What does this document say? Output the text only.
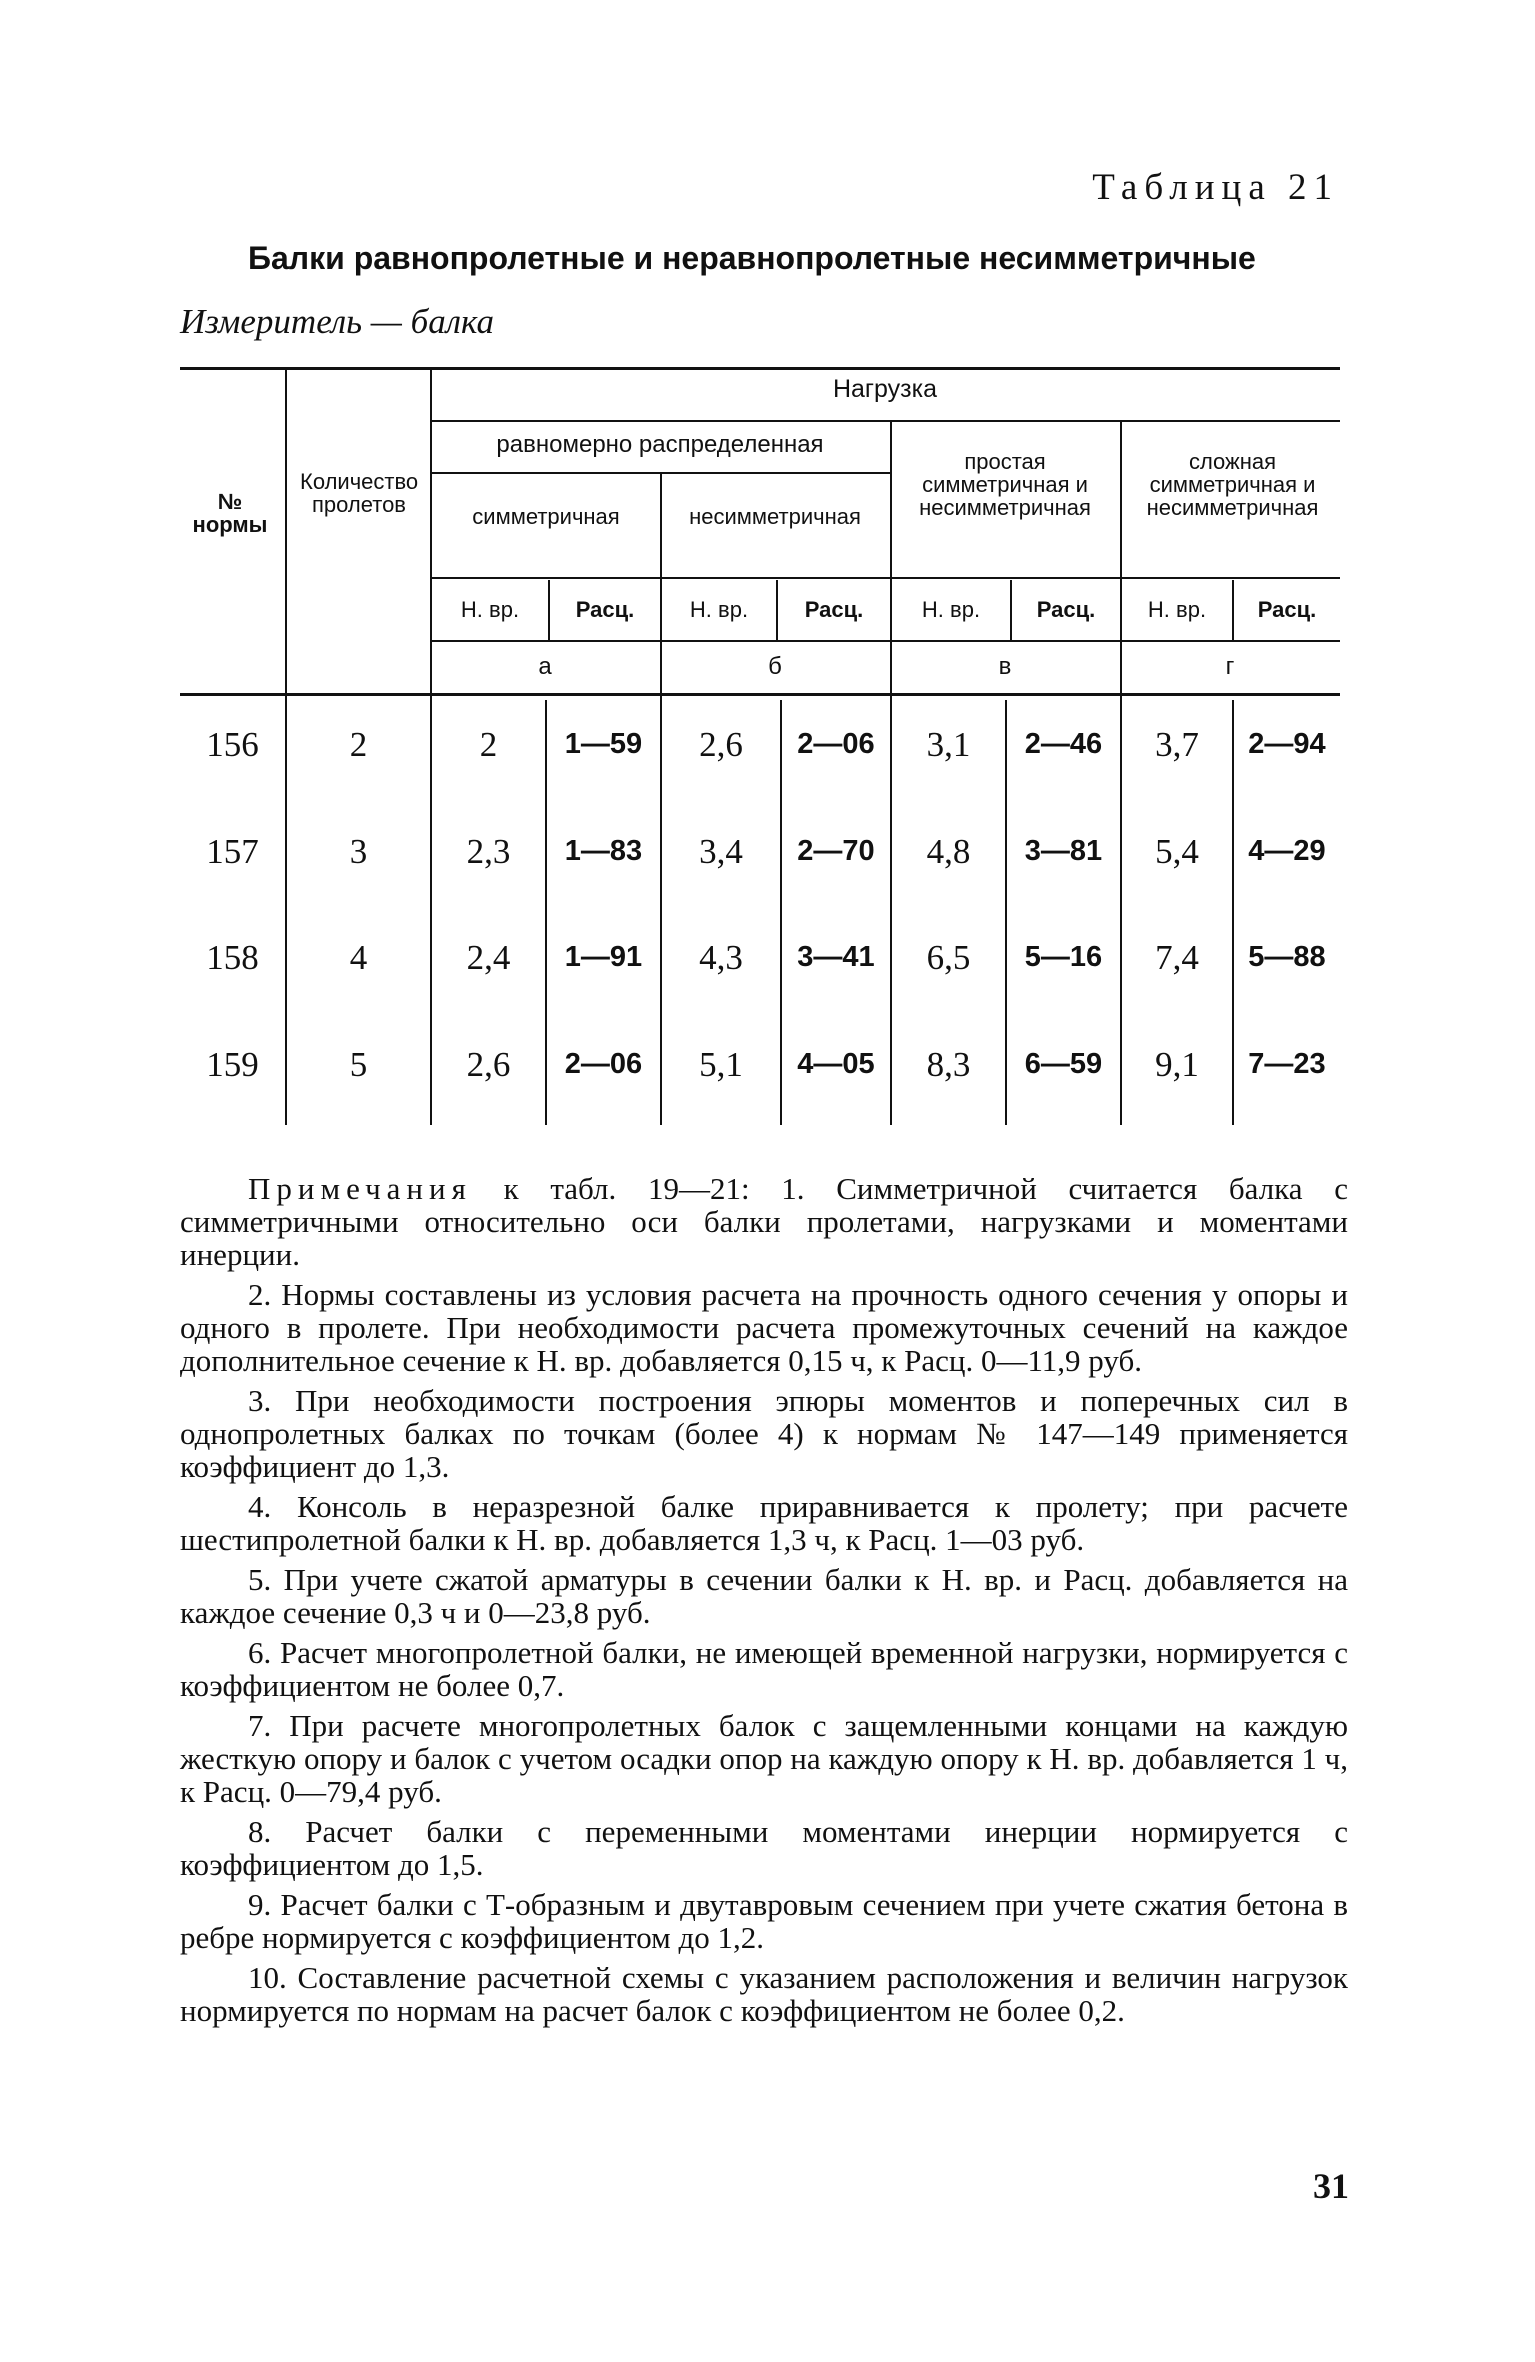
Таблица 21
Балки равнопролетные и неравнопролетные несимметричные
Измеритель — балка
№ нормы
Количество пролетов
Нагрузка
равномерно распределенная
симметричная	несимметричная
простая симметричная и несимметричная
сложная симметричная и несимметричная
Н. вр.	Расц.	Н. вр.	Расц.	Н. вр.	Расц.	Н. вр.	Расц.
а	б	в	г
156	2	2	1—59	2,6	2—06	3,1	2—46	3,7	2—94
157	3	2,3	1—83	3,4	2—70	4,8	3—81	5,4	4—29
158	4	2,4	1—91	4,3	3—41	6,5	5—16	7,4	5—88
159	5	2,6	2—06	5,1	4—05	8,3	6—59	9,1	7—23

Примечания к табл. 19—21: 1. Симметричной считается балка с симметричными относительно оси балки пролетами, нагрузками и моментами инерции.

2. Нормы составлены из условия расчета на прочность одного сечения у опоры и одного в пролете. При необходимости расчета промежуточных сечений на каждое дополнительное сечение к Н. вр. добавляется 0,15 ч, к Расц. 0—11,9 руб.

3. При необходимости построения эпюры моментов и поперечных сил в однопролетных балках по точкам (более 4) к нормам № 147—149 применяется коэффициент до 1,3.

4. Консоль в неразрезной балке приравнивается к пролету; при расчете шестипролетной балки к Н. вр. добавляется 1,3 ч, к Расц. 1—03 руб.

5. При учете сжатой арматуры в сечении балки к Н. вр. и Расц. добавляется на каждое сечение 0,3 ч и 0—23,8 руб.

6. Расчет многопролетной балки, не имеющей временной нагрузки, нормируется с коэффициентом не более 0,7.

7. При расчете многопролетных балок с защемленными концами на каждую жесткую опору и балок с учетом осадки опор на каждую опору к Н. вр. добавляется 1 ч, к Расц. 0—79,4 руб.

8. Расчет балки с переменными моментами инерции нормируется с коэффициентом до 1,5.

9. Расчет балки с Т-образным и двутавровым сечением при учете сжатия бетона в ребре нормируется с коэффициентом до 1,2.

10. Составление расчетной схемы с указанием расположения и величин нагрузок нормируется по нормам на расчет балок с коэффициентом не более 0,2.

31
